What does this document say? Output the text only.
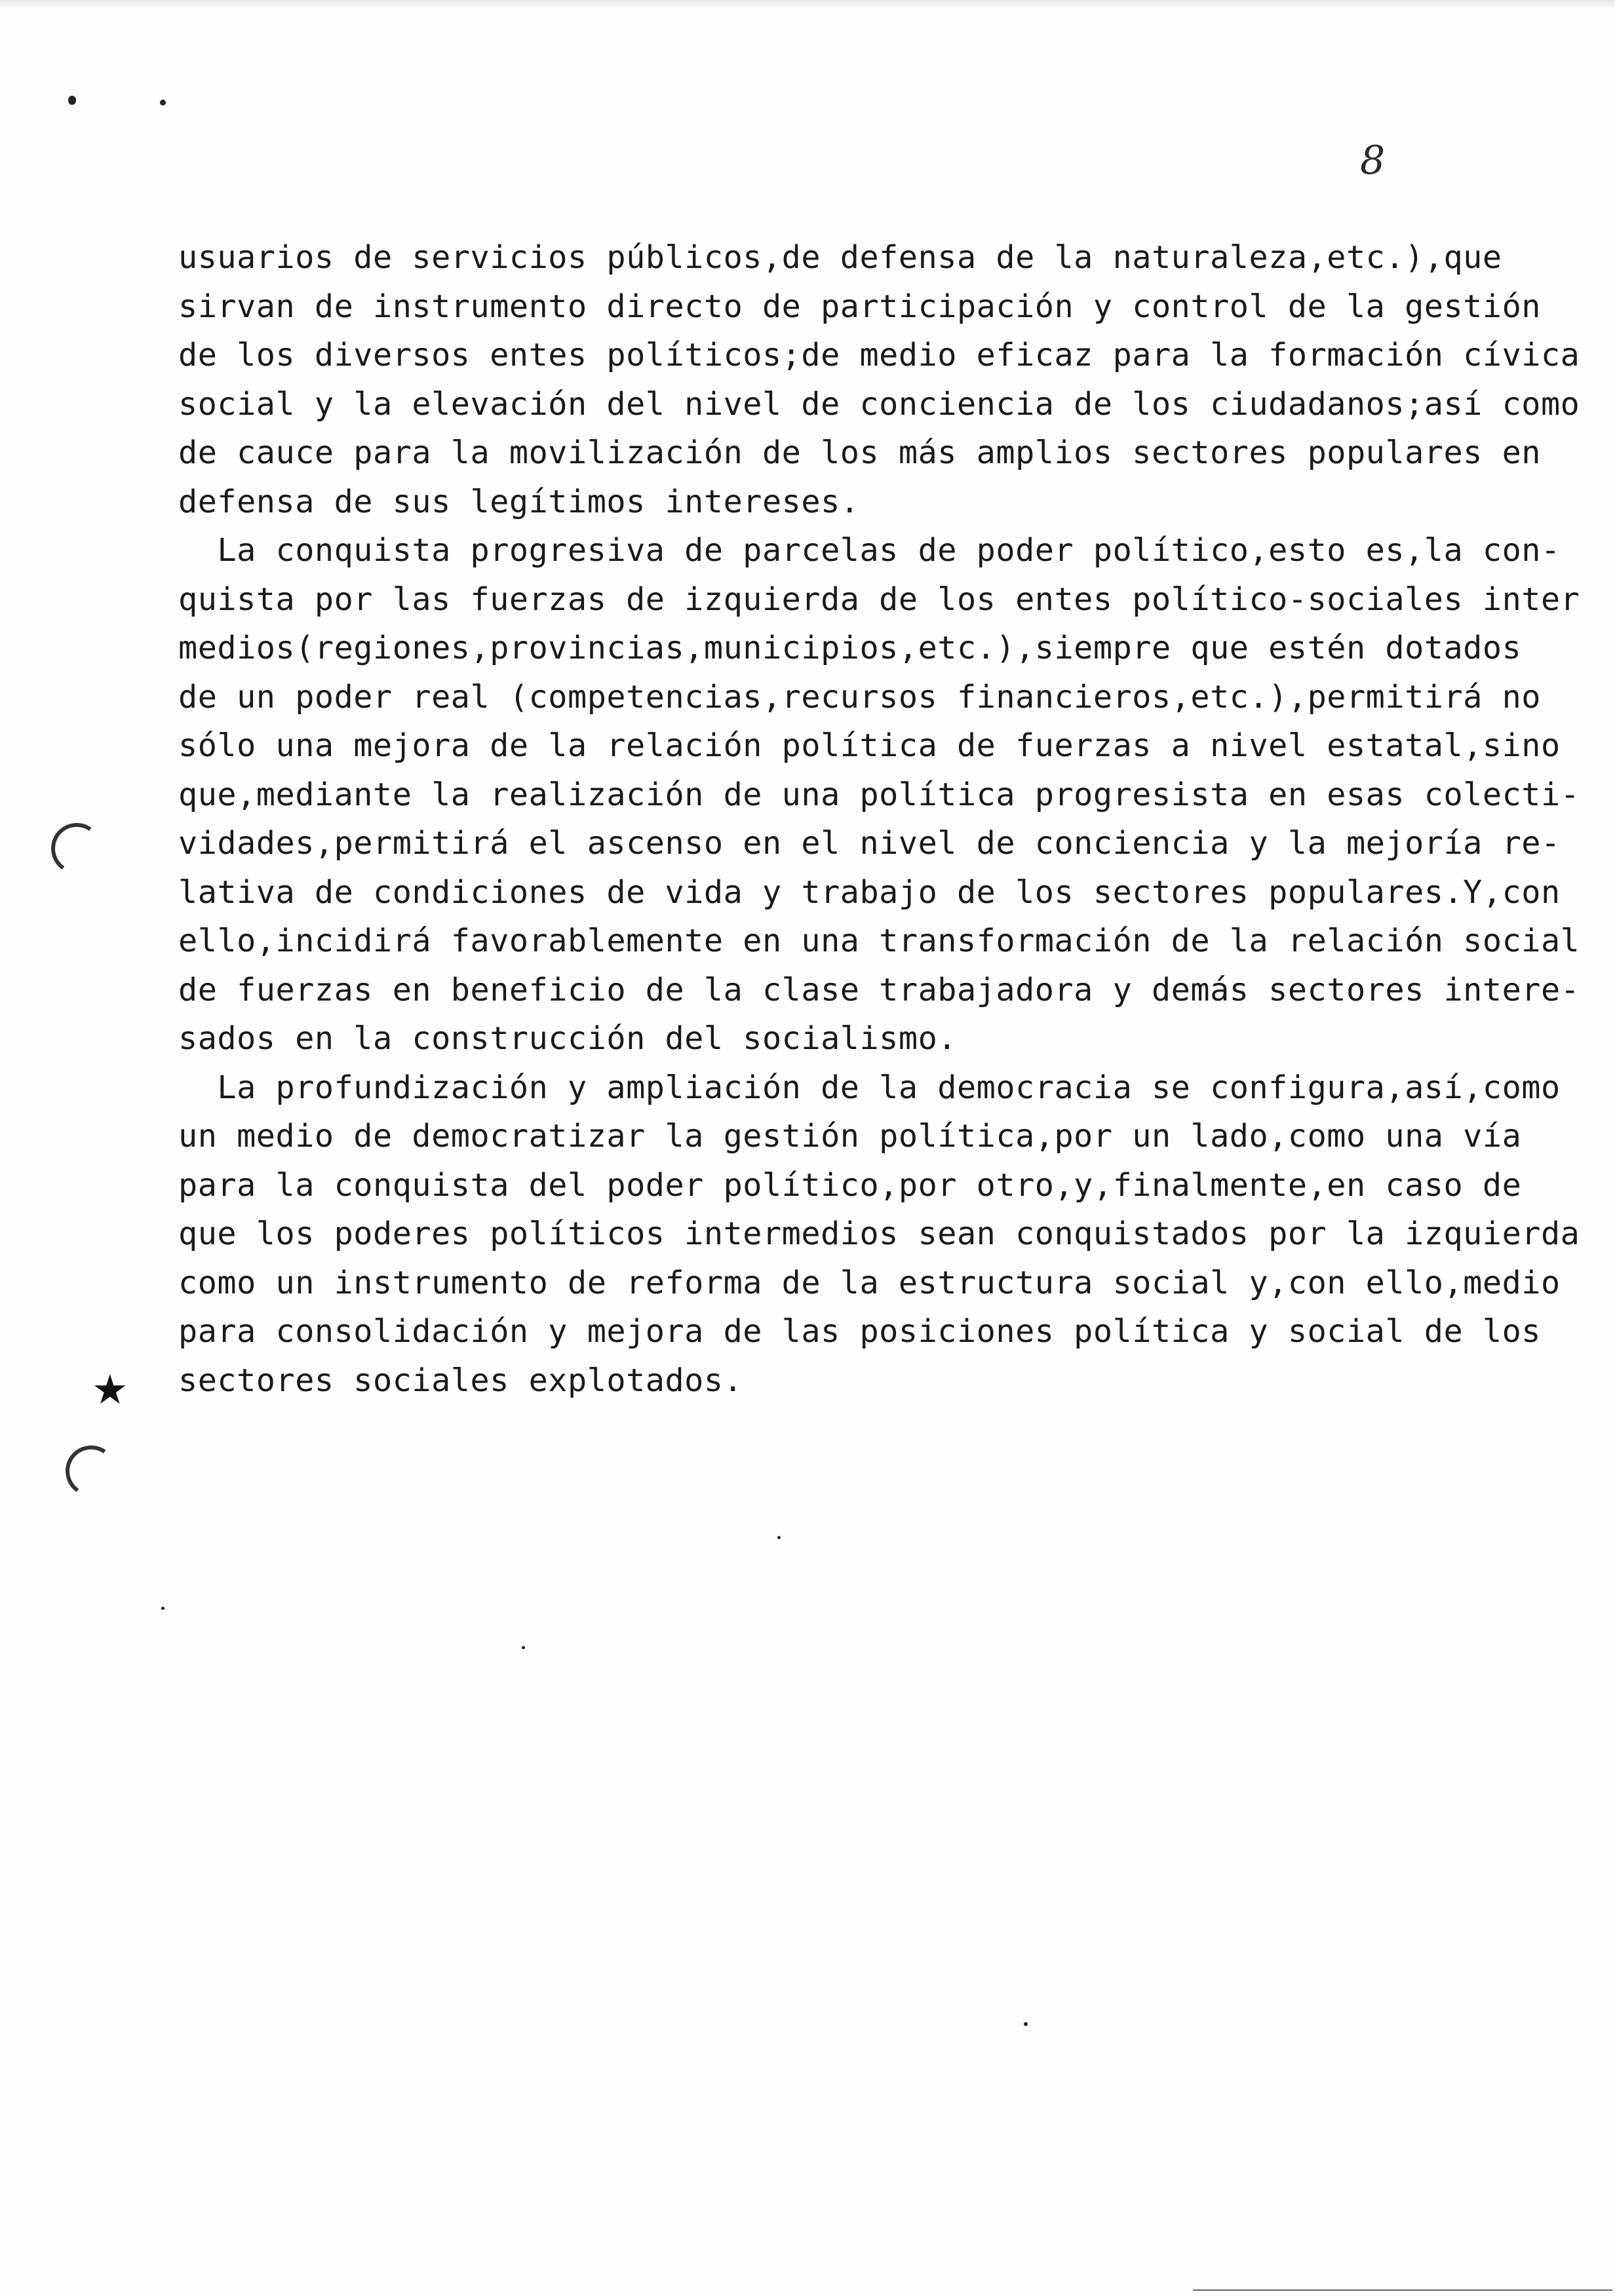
8
★
usuarios de servicios públicos,de defensa de la naturaleza,etc.),que
sirvan de instrumento directo de participación y control de la gestión
de los diversos entes políticos;de medio eficaz para la formación cívica
social y la elevación del nivel de conciencia de los ciudadanos;así como
de cauce para la movilización de los más amplios sectores populares en
defensa de sus legítimos intereses.
La conquista progresiva de parcelas de poder político,esto es,la con-
quista por las fuerzas de izquierda de los entes político-sociales inter
medios(regiones,provincias,municipios,etc.),siempre que estén dotados
de un poder real (competencias,recursos financieros,etc.),permitirá no
sólo una mejora de la relación política de fuerzas a nivel estatal,sino
que,mediante la realización de una política progresista en esas colecti-
vidades,permitirá el ascenso en el nivel de conciencia y la mejoría re-
lativa de condiciones de vida y trabajo de los sectores populares.Y,con
ello,incidirá favorablemente en una transformación de la relación social
de fuerzas en beneficio de la clase trabajadora y demás sectores intere-
sados en la construcción del socialismo.
La profundización y ampliación de la democracia se configura,así,como
un medio de democratizar la gestión política,por un lado,como una vía
para la conquista del poder político,por otro,y,finalmente,en caso de
que los poderes políticos intermedios sean conquistados por la izquierda
como un instrumento de reforma de la estructura social y,con ello,medio
para consolidación y mejora de las posiciones política y social de los
sectores sociales explotados.
